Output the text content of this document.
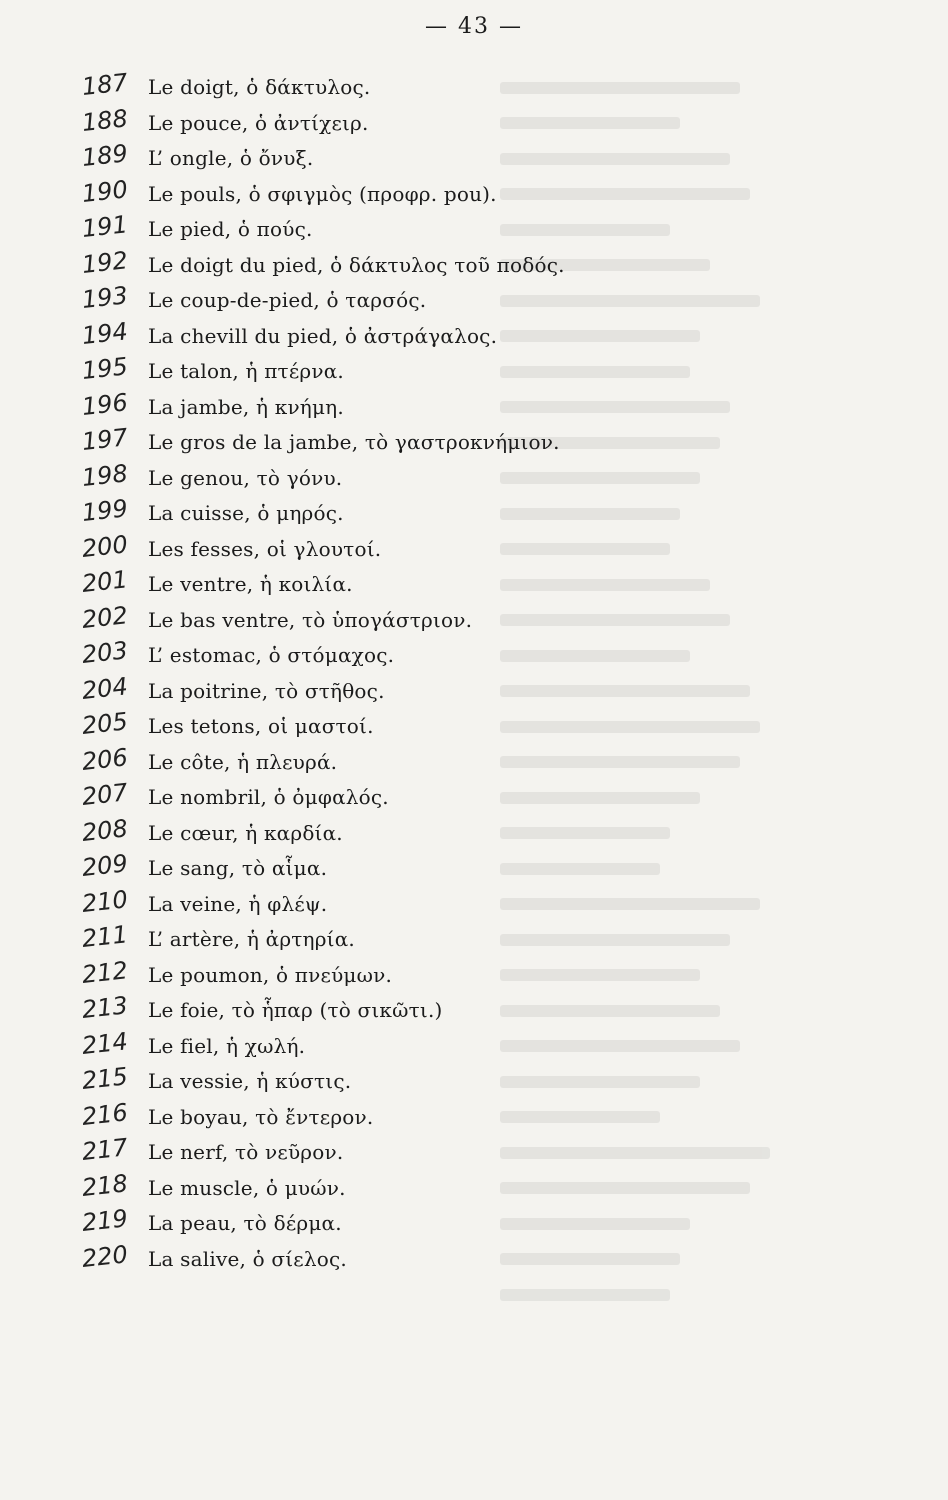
— 43 —
187 Le doigt, ὁ δάκτυλος.
188 Le pouce, ὁ ἀντίχειρ.
189 L’ ongle, ὁ ὄνυξ.
190 Le pouls, ὁ σφιγμὸς (προφρ. pou).
191 Le pied, ὁ πούς.
192 Le doigt du pied, ὁ δάκτυλος τοῦ ποδός.
193 Le coup-de-pied, ὁ ταρσός.
194 La chevill du pied, ὁ ἀστράγαλος.
195 Le talon, ἡ πτέρνα.
196 La jambe, ἡ κνήμη.
197 Le gros de la jambe, τὸ γαστροκνήμιον.
198 Le genou, τὸ γόνυ.
199 La cuisse, ὁ μηρός.
200 Les fesses, οἱ γλουτοί.
201 Le ventre, ἡ κοιλία.
202 Le bas ventre, τὸ ὑπογάστριον.
203 L’ estomac, ὁ στόμαχος.
204 La poitrine, τὸ στῆθος.
205 Les tetons, οἱ μαστοί.
206 Le côte, ἡ πλευρά.
207 Le nombril, ὁ ὀμφαλός.
208 Le cœur, ἡ καρδία.
209 Le sang, τὸ αἷμα.
210 La veine, ἡ φλέψ.
211 L’ artère, ἡ ἀρτηρία.
212 Le poumon, ὁ πνεύμων.
213 Le foie, τὸ ἧπαρ (τὸ σικῶτι.)
214 Le fiel, ἡ χωλή.
215 La vessie, ἡ κύστις.
216 Le boyau, τὸ ἔντερον.
217 Le nerf, τὸ νεῦρον.
218 Le muscle, ὁ μυών.
219 La peau, τὸ δέρμα.
220 La salive, ὁ σίελος.
